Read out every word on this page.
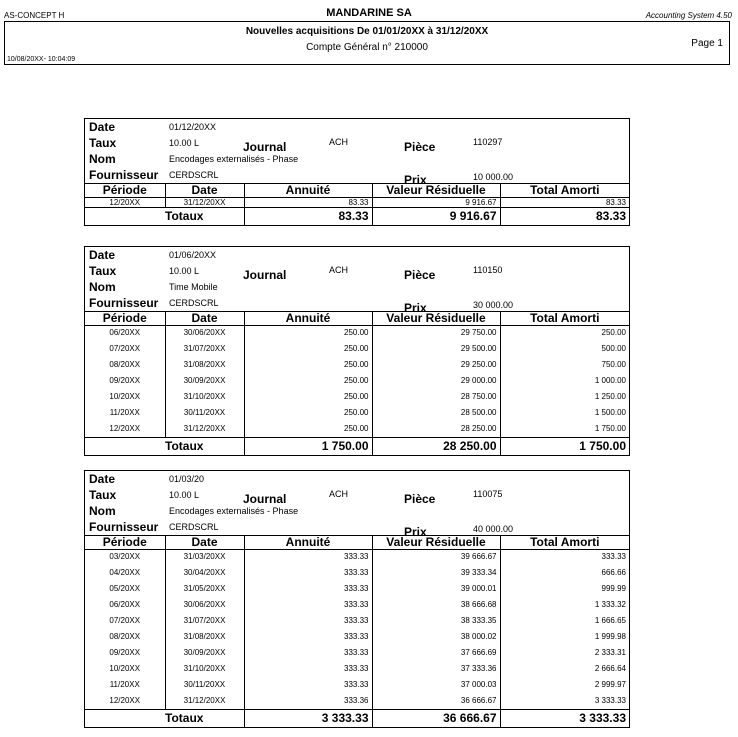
AS-CONCEPT H	MANDARINE SA	Accounting System 4.50
Nouvelles acquisitions De 01/01/20XX à 31/12/20XX
Compte Général n° 210000	Page 1
10/08/20XX- 10:04:09
Date	01/12/20XX
Taux	10.00 L	Journal	ACH	Pièce	110297
Nom	Encodages externalisés - Phase
Fournisseur CERDSCRL	Prix	10 000.00
Période	Date	Annuité	Valeur Résiduelle	Total Amorti
12/20XX	31/12/20XX	83.33	9 916.67	83.33
	Totaux	83.33	9 916.67	83.33
Date	01/06/20XX
Taux	10.00 L	Journal	ACH	Pièce	110150
Nom	Time Mobile
Fournisseur CERDSCRL	Prix	30 000.00
Période	Date	Annuité	Valeur Résiduelle	Total Amorti
06/20XX	30/06/20XX	250.00	29 750.00	250.00
07/20XX	31/07/20XX	250.00	29 500.00	500.00
08/20XX	31/08/20XX	250.00	29 250.00	750.00
09/20XX	30/09/20XX	250.00	29 000.00	1 000.00
10/20XX	31/10/20XX	250.00	28 750.00	1 250.00
11/20XX	30/11/20XX	250.00	28 500.00	1 500.00
12/20XX	31/12/20XX	250.00	28 250.00	1 750.00
	Totaux	1 750.00	28 250.00	1 750.00
Date	01/03/20
Taux	10.00 L	Journal	ACH	Pièce	110075
Nom	Encodages externalisés - Phase
Fournisseur CERDSCRL	Prix	40 000.00
Période	Date	Annuité	Valeur Résiduelle	Total Amorti
03/20XX	31/03/20XX	333.33	39 666.67	333.33
04/20XX	30/04/20XX	333.33	39 333.34	666.66
05/20XX	31/05/20XX	333.33	39 000.01	999.99
06/20XX	30/06/20XX	333.33	38 666.68	1 333.32
07/20XX	31/07/20XX	333.33	38 333.35	1 666.65
08/20XX	31/08/20XX	333.33	38 000.02	1 999.98
09/20XX	30/09/20XX	333.33	37 666.69	2 333.31
10/20XX	31/10/20XX	333.33	37 333.36	2 666.64
11/20XX	30/11/20XX	333.33	37 000.03	2 999.97
12/20XX	31/12/20XX	333.36	36 666.67	3 333.33
	Totaux	3 333.33	36 666.67	3 333.33
